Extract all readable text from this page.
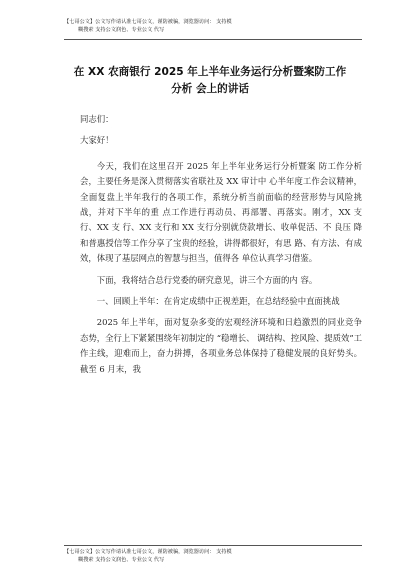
【七哥公文】公文写作请认准七哥公文，谨防被骗，浏览器访问： 支持模
糊搜索 支持公文润色、专业公文 代写
在 XX 农商银行 2025 年上半年业务运行分析暨案防工作
分析 会上的讲话

同志们：

大家好！

今天，我们在这里召开 2025 年上半年业务运行分析暨案 防工作分析会，主要任务是深入贯彻落实省联社及 XX 审计中 心半年度工作会议精神，全面复盘上半年我行的各项工作，系统分析当前面临的经营形势与风险挑战，并对下半年的重 点工作进行再动员、再部署、再落实。刚才，XX 支行、XX 支 行、XX 支行和 XX 支行分别就贷款增长、收单促活、不 良压 降和普惠授信等工作分享了宝贵的经验，讲得都很好，有思 路、有方法、有成效，体现了基层网点的智慧与担当，值得各 单位认真学习借鉴。

下面，我将结合总行党委的研究意见，讲三个方面的内 容。

一、回顾上半年：在肯定成绩中正视差距，在总结经验中直面挑战

2025 年上半年，面对复杂多变的宏观经济环境和日趋激烈的同业竞争态势，全行上下紧紧围绕年初制定的 “稳增长、 调结构、控风险、提质效”工作主线，迎难而上，奋力拼搏，各项业务总体保持了稳健发展的良好势头。截至 6 月末，我

【七哥公文】公文写作请认准七哥公文，谨防被骗，浏览器访问： 支持模
糊搜索 支持公文润色、专业公文 代写
